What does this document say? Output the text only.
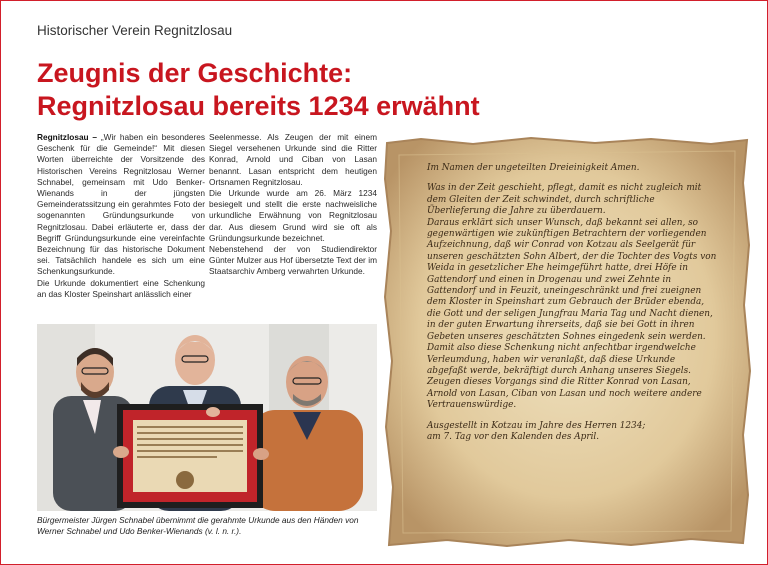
Historischer Verein Regnitzlosau
Zeugnis der Geschichte:
Regnitzlosau bereits 1234 erwähnt

Regnitzlosau – „Wir haben ein besonderes Geschenk für die Gemeinde!“ Mit diesen Worten überreichte der Vorsitzende des Historischen Vereins Regnitzlosau Werner Schnabel, gemeinsam mit Udo Benker-Wienands in der jüngsten Gemeinderatssitzung ein gerahmtes Foto der sogenannten Gründungsurkunde von Regnitzlosau. Dabei erläuterte er, dass der Begriff Gründungsurkunde eine vereinfachte Bezeichnung für das historische Dokument sei. Tatsächlich handele es sich um eine Schenkungsurkunde.

Die Urkunde dokumentiert eine Schenkung an das Kloster Speinshart anlässlich einer

Seelenmesse. Als Zeugen der mit einem Siegel versehenen Urkunde sind die Ritter Konrad, Arnold und Ciban von Lasan benannt. Lasan entspricht dem heutigen Ortsnamen Regnitzlosau.

Die Urkunde wurde am 26. März 1234 besiegelt und stellt die erste nachweisliche urkundliche Erwähnung von Regnitzlosau dar. Aus diesem Grund wird sie oft als Gründungsurkunde bezeichnet.

Nebenstehend der von Studiendirektor Günter Mulzer aus Hof übersetzte Text der im Staatsarchiv Amberg verwahrten Urkunde.

Bürgermeister Jürgen Schnabel übernimmt die gerahmte Urkunde aus den Händen von Werner Schnabel und Udo Benker-Wienands (v. l. n. r.).

Im Namen der ungeteilten Dreieinigkeit Amen.

Was in der Zeit geschieht, pflegt, damit es nicht zugleich mit dem Gleiten der Zeit schwindet, durch schriftliche Überlieferung die Jahre zu überdauern.

Daraus erklärt sich unser Wunsch, daß bekannt sei allen, so gegenwärtigen wie zukünftigen Betrachtern der vorliegenden Aufzeichnung, daß wir Conrad von Kotzau als Seelgerät für unseren geschätzten Sohn Albert, der die Tochter des Vogts von Weida in gesetzlicher Ehe heimgeführt hatte, drei Höfe in Gattendorf und einen in Drogenau und zwei Zehnte in Gattendorf und in Feuzit, uneingeschränkt und frei zueignen dem Kloster in Speinshart zum Gebrauch der Brüder ebenda, die Gott und der seligen Jungfrau Maria Tag und Nacht dienen, in der guten Erwartung ihrerseits, daß sie bei Gott in ihren Gebeten unseres geschätzten Sohnes eingedenk sein werden.

Damit also diese Schenkung nicht anfechtbar irgendwelche Verleumdung, haben wir veranlaßt, daß diese Urkunde abgefaßt werde, bekräftigt durch Anhang unseres Siegels. Zeugen dieses Vorgangs sind die Ritter Konrad von Lasan, Arnold von Lasan, Ciban von Lasan und noch weitere andere Vertrauenswürdige.

Ausgestellt in Kotzau im Jahre des Herren 1234;

am 7. Tag vor den Kalenden des April.
